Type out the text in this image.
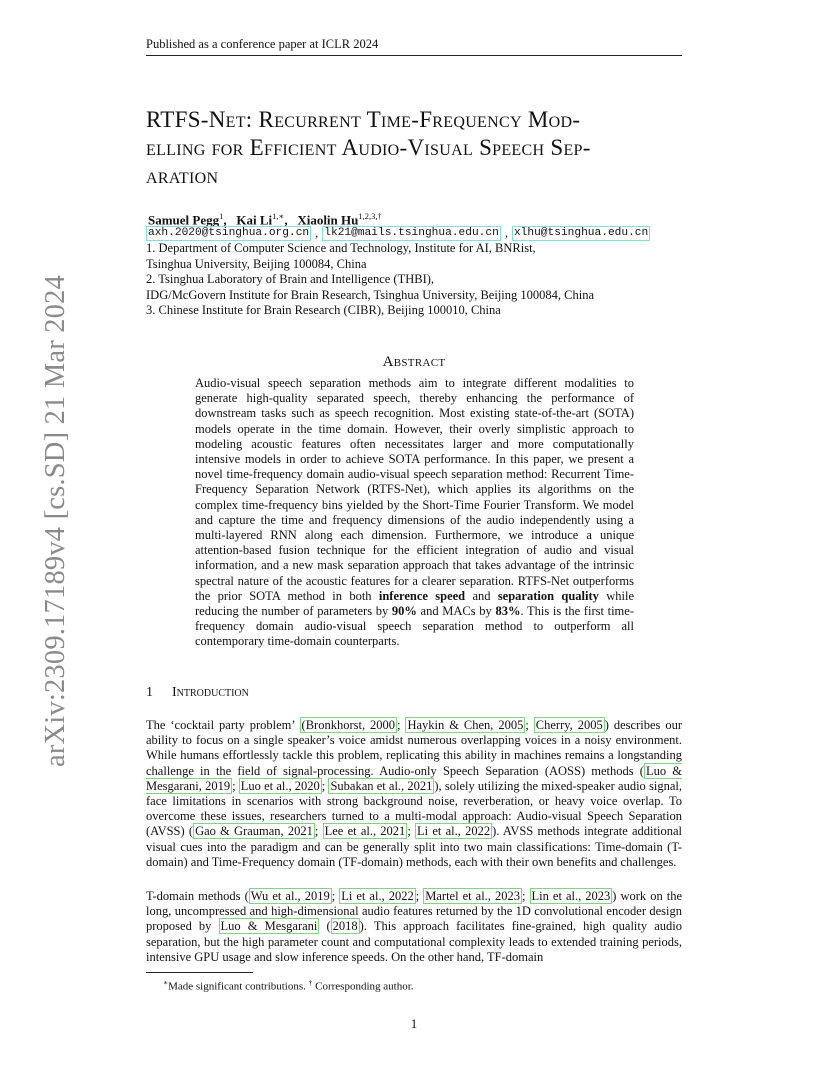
Published as a conference paper at ICLR 2024
arXiv:2309.17189v4 [cs.SD] 21 Mar 2024
RTFS-Net: Recurrent Time-Frequency Mod-
elling for Efficient Audio-Visual Speech Sep-
aration
Samuel Pegg$^1$,   Kai $Li^{1,∗}$,   Xiaolin $Hu^{1,2,3,\dagger}$
axh.2020@tsinghua.org.cn , lk21@mails.tsinghua.edu.cn , xlhu@tsinghua.edu.cn
1. Department of Computer Science and Technology, Institute for AI, BNRist,
Tsinghua University, Beijing 100084, China
2. Tsinghua Laboratory of Brain and Intelligence (THBI),
IDG/McGovern Institute for Brain Research, Tsinghua University, Beijing 100084, China
3. Chinese Institute for Brain Research (CIBR), Beijing 100010, China
Abstract
Audio-visual speech separation methods aim to integrate different modalities to generate high-quality separated speech, thereby enhancing the performance of downstream tasks such as speech recognition. Most existing state-of-the-art (SOTA) models operate in the time domain. However, their overly simplistic approach to modeling acoustic features often necessitates larger and more computationally intensive models in order to achieve SOTA performance. In this paper, we present a novel time-frequency domain audio-visual speech separation method: Recurrent Time-Frequency Separation Network (RTFS-Net), which applies its algorithms on the complex time-frequency bins yielded by the Short-Time Fourier Transform. We model and capture the time and frequency dimensions of the audio independently using a multi-layered RNN along each dimension. Furthermore, we introduce a unique attention-based fusion technique for the efficient integration of audio and visual information, and a new mask separation approach that takes advantage of the intrinsic spectral nature of the acoustic features for a clearer separation. RTFS-Net outperforms the prior SOTA method in both inference speed and separation quality while reducing the number of parameters by 90% and MACs by 83%. This is the first time-frequency domain audio-visual speech separation method to outperform all contemporary time-domain counterparts.
1 Introduction
The ‘cocktail party problem’ (Bronkhorst, 2000 ; Haykin & Chen, 2005 ; Cherry, 2005 ) describes our ability to focus on a single speaker’s voice amidst numerous overlapping voices in a noisy environment. While humans effortlessly tackle this problem, replicating this ability in machines remains a longstanding challenge in the field of signal-processing. Audio-only Speech Separation (AOSS) methods ( Luo & Mesgarani, 2019 ; Luo et al., 2020 ; Subakan et al., 2021 ), solely utilizing the mixed-speaker audio signal, face limitations in scenarios with strong background noise, reverberation, or heavy voice overlap. To overcome these issues, researchers turned to a multi-modal approach: Audio-visual Speech Separation (AVSS) ( Gao & Grauman, 2021 ; Lee et al., 2021 ; Li et al., 2022 ). AVSS methods integrate additional visual cues into the paradigm and can be generally split into two main classifications: Time-domain (T-domain) and Time-Frequency domain (TF-domain) methods, each with their own benefits and challenges.
T-domain methods ( Wu et al., 2019 ; Li et al., 2022 ; Martel et al., 2023 ; Lin et al., 2023 ) work on the long, uncompressed and high-dimensional audio features returned by the 1D convolutional encoder design proposed by Luo & Mesgarani ( 2018 ). This approach facilitates fine-grained, high quality audio separation, but the high parameter count and computational complexity leads to extended training periods, intensive GPU usage and slow inference speeds. On the other hand, TF-domain
∗Made significant contributions. † Corresponding author.
1
